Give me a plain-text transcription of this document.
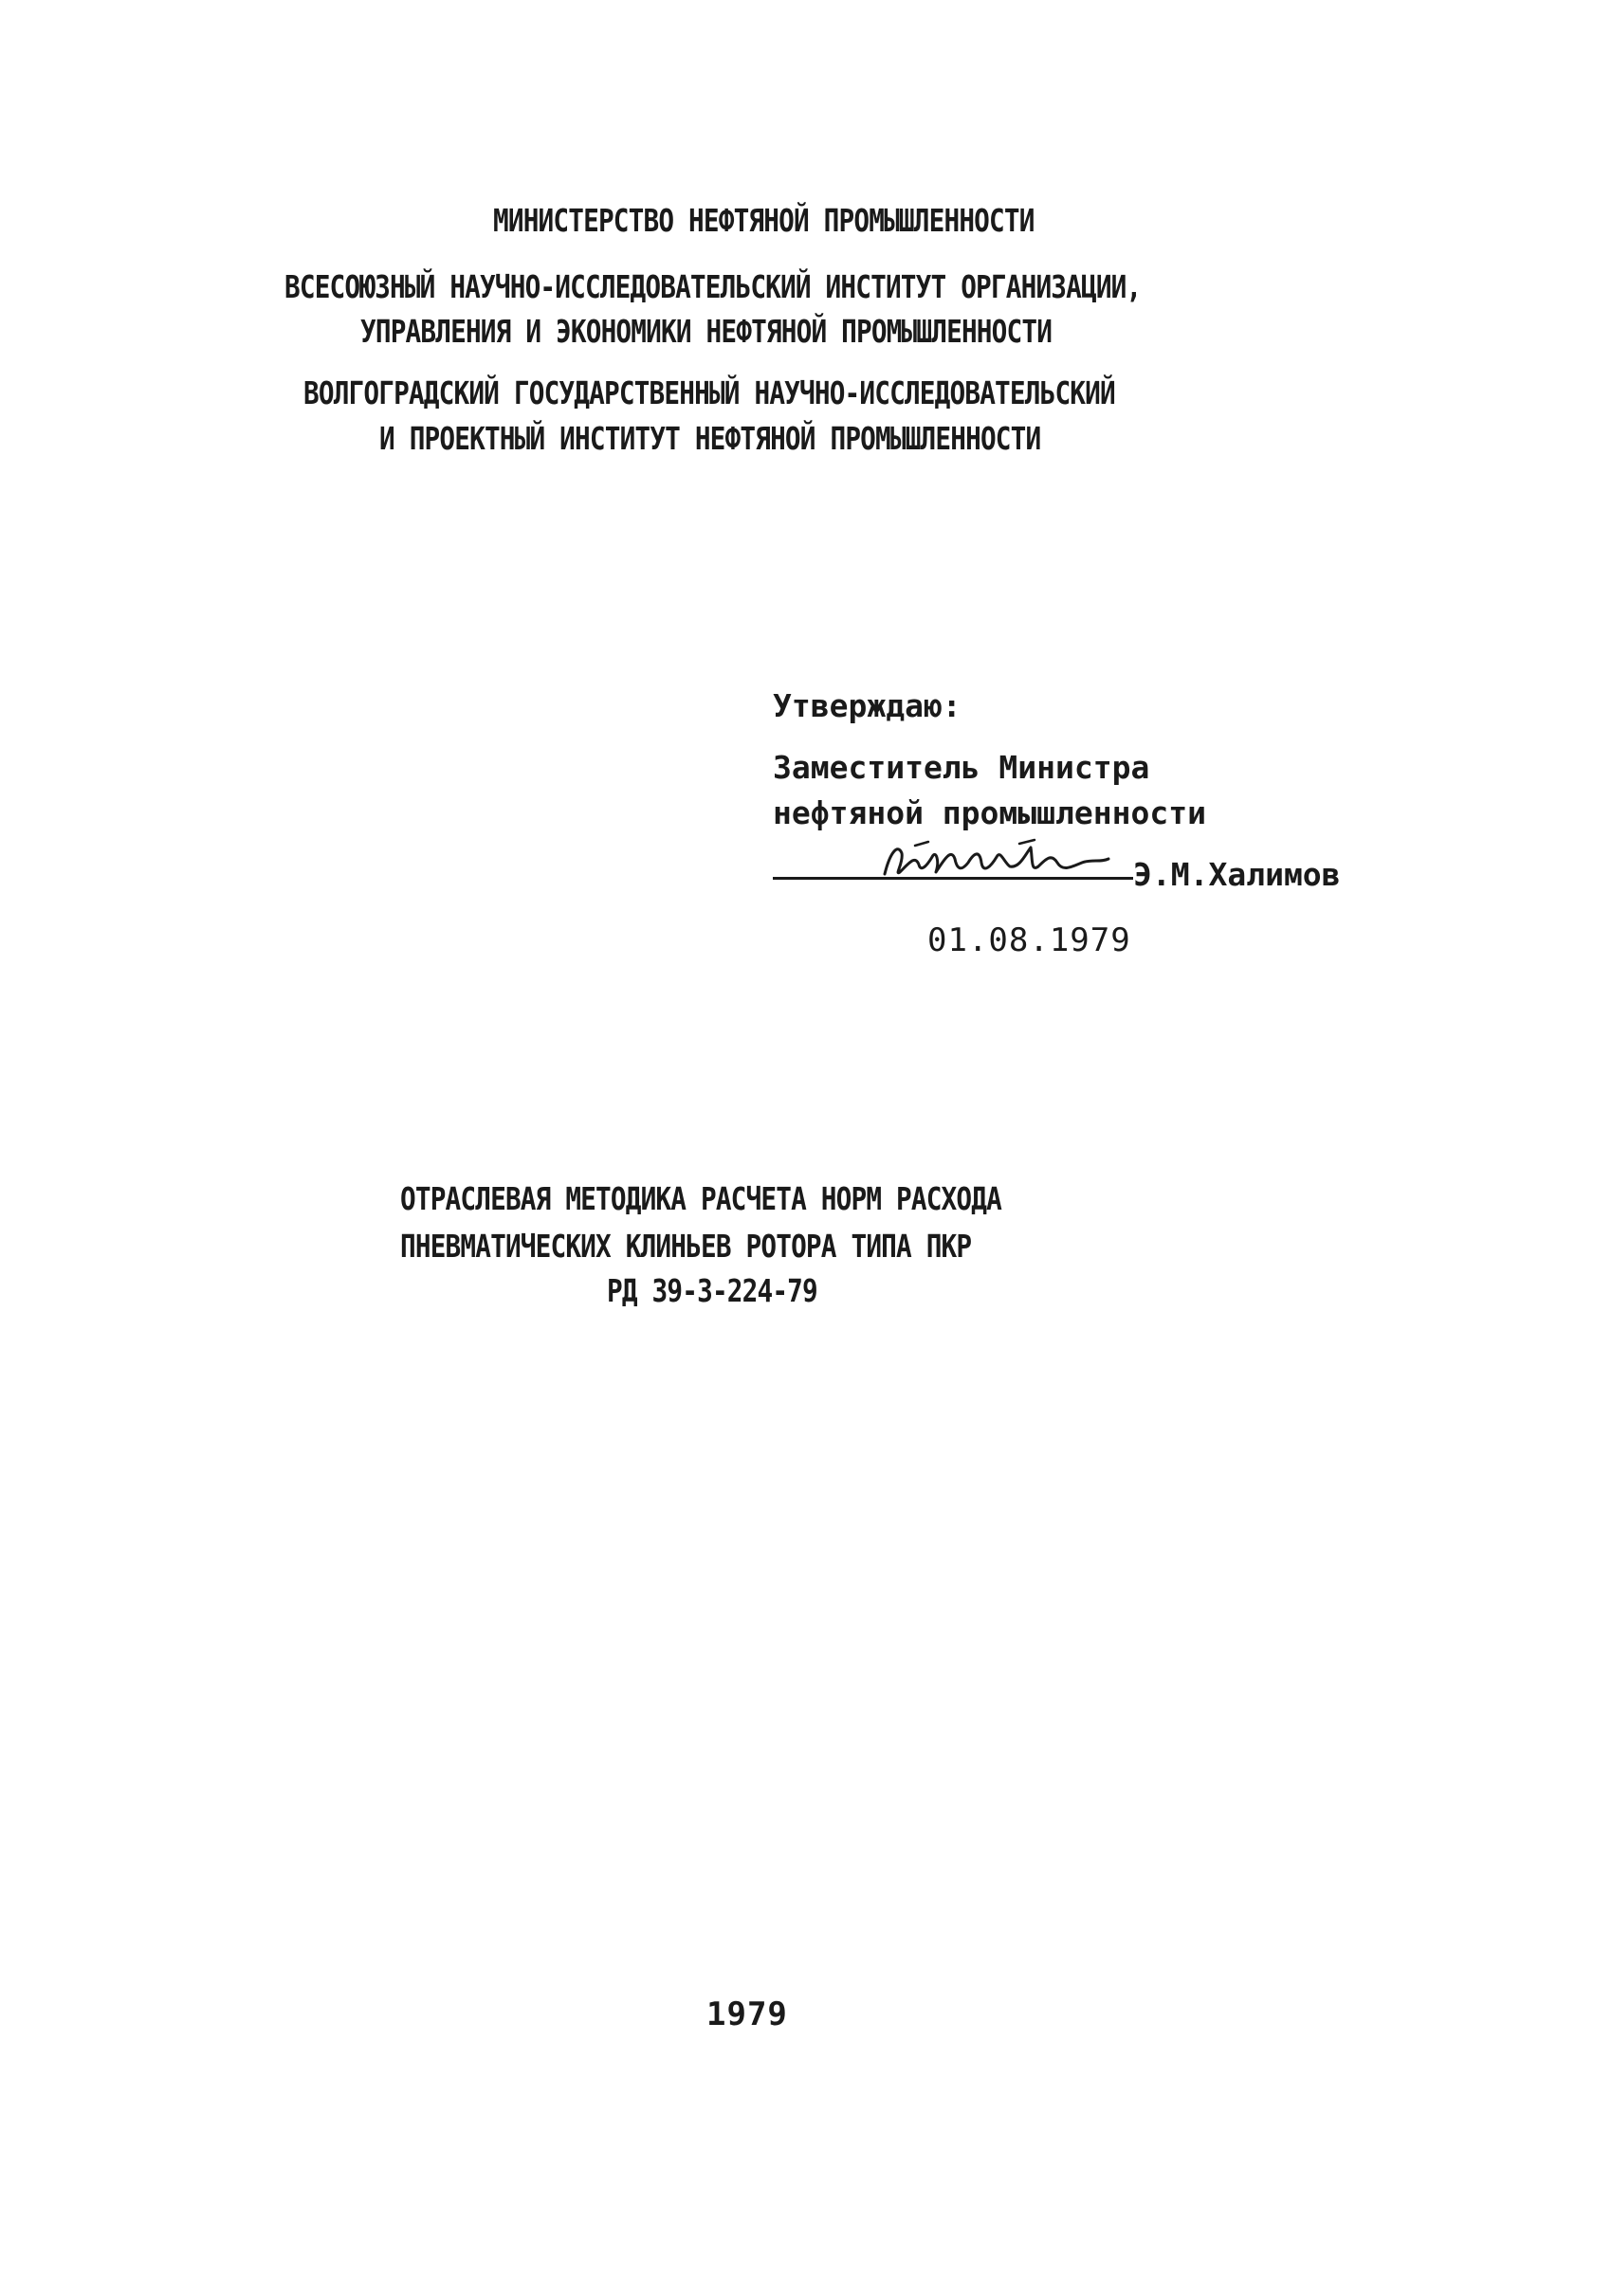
МИНИСТЕРСТВО НЕФТЯНОЙ ПРОМЫШЛЕННОСТИ
ВСЕСОЮЗНЫЙ НАУЧНО-ИССЛЕДОВАТЕЛЬСКИЙ ИНСТИТУТ ОРГАНИЗАЦИИ,
УПРАВЛЕНИЯ И ЭКОНОМИКИ НЕФТЯНОЙ ПРОМЫШЛЕННОСТИ
ВОЛГОГРАДСКИЙ ГОСУДАРСТВЕННЫЙ НАУЧНО-ИССЛЕДОВАТЕЛЬСКИЙ
И ПРОЕКТНЫЙ ИНСТИТУТ НЕФТЯНОЙ ПРОМЫШЛЕННОСТИ
Утверждаю:
Заместитель Министра
нефтяной промышленности
Э.М.Халимов
01.08.1979
ОТРАСЛЕВАЯ МЕТОДИКА РАСЧЕТА НОРМ РАСХОДА
ПНЕВМАТИЧЕСКИХ КЛИНЬЕВ РОТОРА ТИПА ПКР
РД 39-3-224-79
1979
